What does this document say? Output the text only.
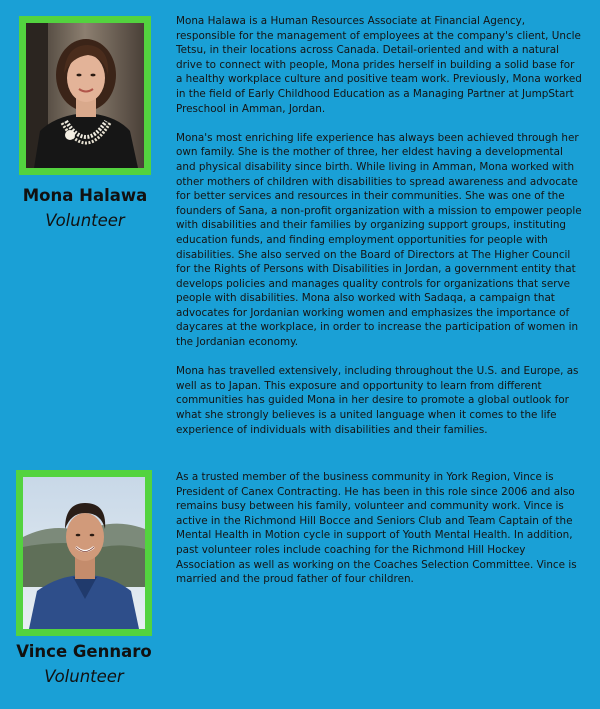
Mona Halawa
Volunteer

Mona Halawa is a Human Resources Associate at Financial Agency, responsible for the management of employees at the company's client, Uncle Tetsu, in their locations across Canada. Detail-oriented and with a natural drive to connect with people, Mona prides herself in building a solid base for a healthy workplace culture and positive team work. Previously, Mona worked in the field of Early Childhood Education as a Managing Partner at JumpStart Preschool in Amman, Jordan.

Mona's most enriching life experience has always been achieved through her own family. She is the mother of three, her eldest having a developmental and physical disability since birth. While living in Amman, Mona worked with other mothers of children with disabilities to spread awareness and advocate for better services and resources in their communities. She was one of the founders of Sana, a non-profit organization with a mission to empower people with disabilities and their families by organizing support groups, instituting education funds, and finding employment opportunities for people with disabilities. She also served on the Board of Directors at The Higher Council for the Rights of Persons with Disabilities in Jordan, a government entity that develops policies and manages quality controls for organizations that serve people with disabilities. Mona also worked with Sadaqa, a campaign that advocates for Jordanian working women and emphasizes the importance of daycares at the workplace, in order to increase the participation of women in the Jordanian economy.

Mona has travelled extensively, including throughout the U.S. and Europe, as well as to Japan. This exposure and opportunity to learn from different communities has guided Mona in her desire to promote a global outlook for what she strongly believes is a united language when it comes to the life experience of individuals with disabilities and their families.

Vince Gennaro
Volunteer

As a trusted member of the business community in York Region, Vince is President of Canex Contracting. He has been in this role since 2006 and also remains busy between his family, volunteer and community work. Vince is active in the Richmond Hill Bocce and Seniors Club and Team Captain of the Mental Health in Motion cycle in support of Youth Mental Health. In addition, past volunteer roles include coaching for the Richmond Hill Hockey Association as well as working on the Coaches Selection Committee. Vince is married and the proud father of four children.
